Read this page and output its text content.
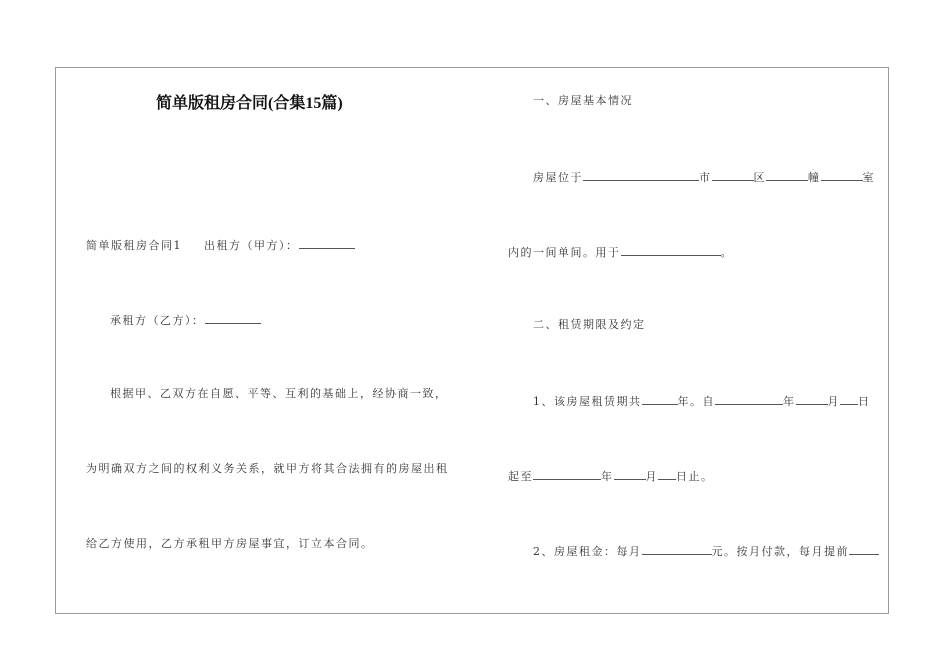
简单版租房合同(合集15篇)
简单版租房合同1 出租方（甲方）：
承租方（乙方）：
根据甲、乙双方在自愿、平等、互利的基础上，经协商一致，
为明确双方之间的权利义务关系，就甲方将其合法拥有的房屋出租
给乙方使用，乙方承租甲方房屋事宜，订立本合同。
一、房屋基本情况
房屋位于	市	区	幢	室
内的一间单间。用于	。
二、租赁期限及约定
1、该房屋租赁期共	年。自	年	月 日
起至	年	月 日止。
2、房屋租金：每月	元。按月付款，每月提前
